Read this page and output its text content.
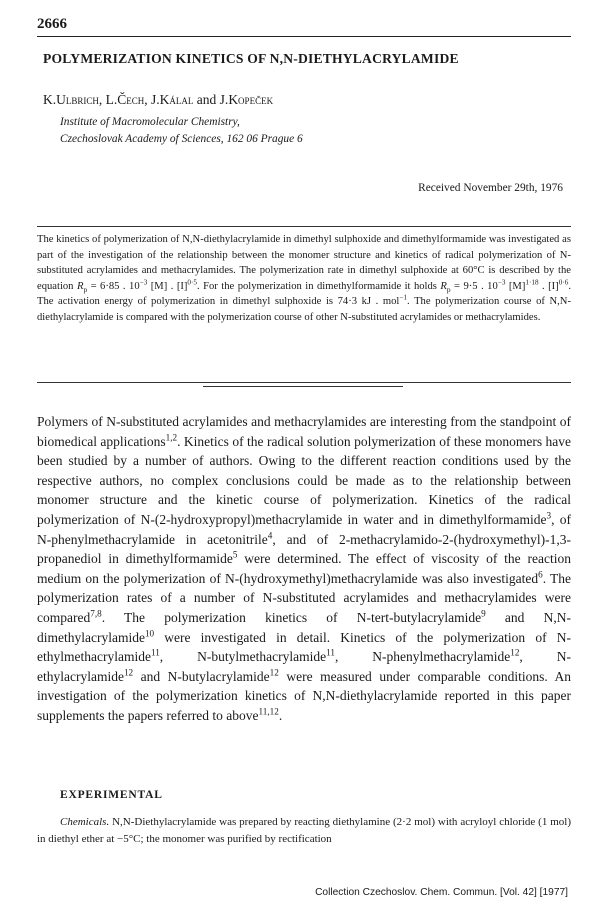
2666
POLYMERIZATION KINETICS OF N,N-DIETHYLACRYLAMIDE
K.Ulbrich, L.Čech, J.Kálal and J.Kopeček
Institute of Macromolecular Chemistry,
Czechoslovak Academy of Sciences, 162 06 Prague 6
Received November 29th, 1976
The kinetics of polymerization of N,N-diethylacrylamide in dimethyl sulphoxide and dimethylformamide was investigated as part of the investigation of the relationship between the monomer structure and kinetics of radical polymerization of N-substituted acrylamides and methacrylamides. The polymerization rate in dimethyl sulphoxide at 60°C is described by the equation $R_p = 6\cdot 85$ . $10^{-3}$ [M] . $[I]^{0\cdot 5}$. For the polymerization in dimethylformamide it holds $R_p = 9\cdot 5$ . $10^{-3}$ $[M]^{1\cdot 18}$ . $[I]^{0\cdot 6}$. The activation energy of polymerization in dimethyl sulphoxide is 74·3 kJ . mol$^{-1}$. The polymerization course of N,N-diethylacrylamide is compared with the polymerization course of other N-substituted acrylamides or methacrylamides.
Polymers of N-substituted acrylamides and methacrylamides are interesting from the standpoint of biomedical applications$^{1,2}$. Kinetics of the radical solution polymerization of these monomers have been studied by a number of authors. Owing to the different reaction conditions used by the respective authors, no complex conclusions could be made as to the relationship between monomer structure and the kinetic course of polymerization. Kinetics of the radical polymerization of N-(2-hydroxypropyl)methacrylamide in water and in dimethylformamide$^3$, of N-phenylmethacrylamide in acetonitrile$^4$, and of 2-methacrylamido-2-(hydroxymethyl)-1,3-propanediol in dimethylformamide$^5$ were determined. The effect of viscosity of the reaction medium on the polymerization of N-(hydroxymethyl)methacrylamide was also investigated$^6$. The polymerization rates of a number of N-substituted acrylamides and methacrylamides were compared$^{7,8}$. The polymerization kinetics of N-tert-butylacrylamide$^9$ and N,N-dimethylacrylamide$^{10}$ were investigated in detail. Kinetics of the polymerization of N-ethylmethacrylamide$^{11}$, N-butylmethacrylamide$^{11}$, N-phenylmethacrylamide$^{12}$, N-ethylacrylamide$^{12}$ and N-butylacrylamide$^{12}$ were measured under comparable conditions. An investigation of the polymerization kinetics of N,N-diethylacrylamide reported in this paper supplements the papers referred to above$^{11,12}$.
EXPERIMENTAL
Chemicals. N,N-Diethylacrylamide was prepared by reacting diethylamine (2·2 mol) with acryloyl chloride (1 mol) in diethyl ether at −5°C; the monomer was purified by rectification
Collection Czechoslov. Chem. Commun. [Vol. 42] [1977]
